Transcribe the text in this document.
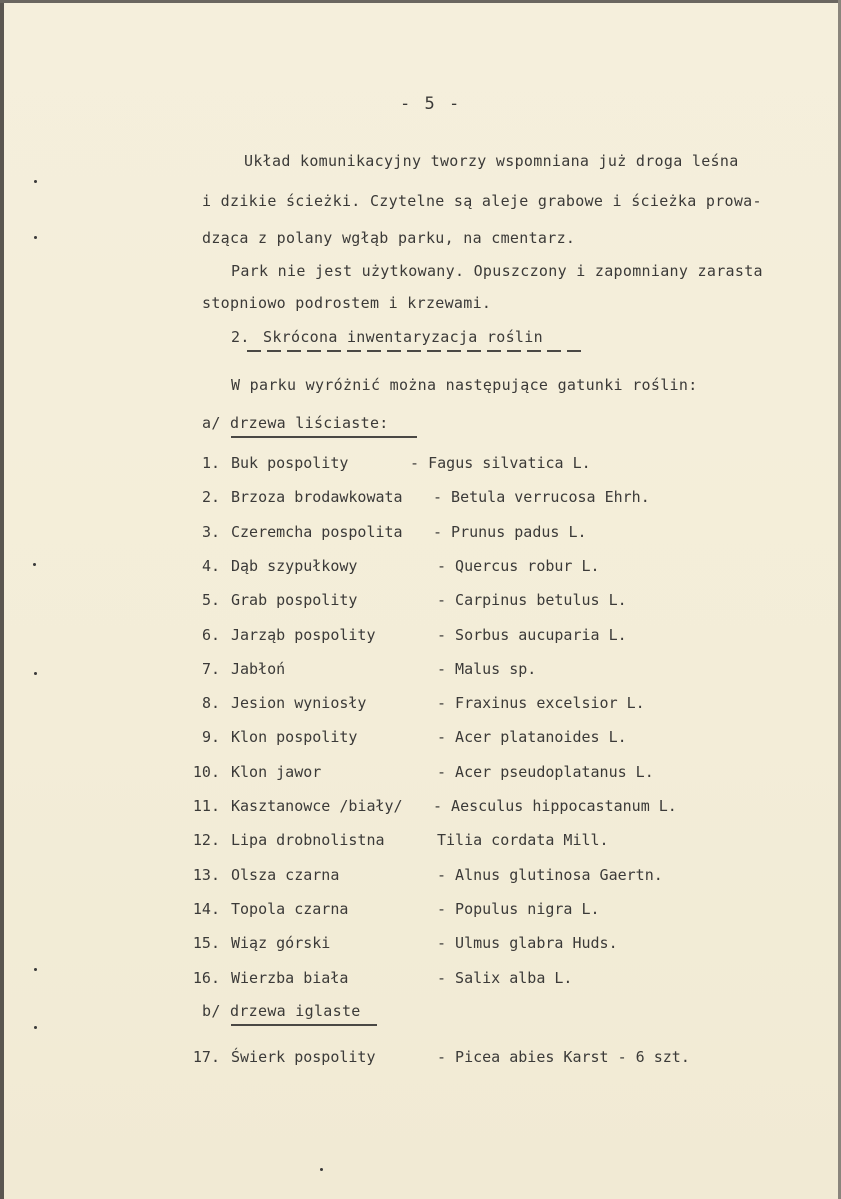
- 5 -
Układ komunikacyjny tworzy wspomniana już droga leśna
i dzikie ścieżki. Czytelne są aleje grabowe i ścieżka prowa-
dząca z polany wgłąb parku, na cmentarz.
Park nie jest użytkowany. Opuszczony i zapomniany zarasta
stopniowo podrostem i krzewami.
2. Skrócona inwentaryzacja roślin
W parku wyróżnić można następujące gatunki roślin:
a/ drzewa liściaste:
1. Buk pospolity	- Fagus silvatica L.
2. Brzoza brodawkowata - Betula verrucosa Ehrh.
3. Czeremcha pospolita - Prunus padus L.
4. Dąb szypułkowy	- Quercus robur L.
5. Grab pospolity	- Carpinus betulus L.
6. Jarząb pospolity	- Sorbus aucuparia L.
7. Jabłoń	- Malus sp.
8. Jesion wyniosły	- Fraxinus excelsior L.
9. Klon pospolity	- Acer platanoides L.
10. Klon jawor	- Acer pseudoplatanus L.
11. Kasztanowce /biały/ - Aesculus hippocastanum L.
12. Lipa drobnolistna	Tilia cordata Mill.
13. Olsza czarna	- Alnus glutinosa Gaertn.
14. Topola czarna	- Populus nigra L.
15. Wiąz górski	- Ulmus glabra Huds.
16. Wierzba biała	- Salix alba L.
b/ drzewa iglaste
17. Świerk pospolity	- Picea abies Karst - 6 szt.
